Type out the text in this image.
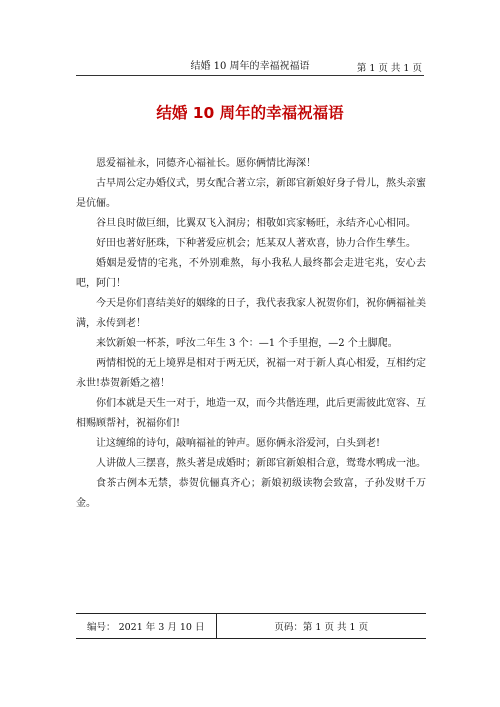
结婚 10 周年的幸福祝福语	第 1 页 共 1 页
结婚 10 周年的幸福祝福语

恩爱福祉永，同德齐心福祉长。愿你俩情比海深！

古早周公定办婚仪式，男女配合著立宗，新郎官新娘好身子骨儿，熬头亲蜜是伉俪。

谷旦良时做巨细，比翼双飞入洞房；相敬如宾家畅旺，永结齐心心相同。

好田也著好胚珠，下种著爱应机会；尪某双人著欢喜，协力合作生孳生。

婚姻是爱情的宅兆，不外别难熬，每小我私人最终都会走进宅兆，安心去吧，阿门！

今天是你们喜结美好的姻缘的日子，我代表我家人祝贺你们，祝你俩福祉美满，永传到老！

来饮新娘一杯茶，呼汝二年生 3 个：—1 个手里抱，—2 个土脚爬。

两情相悦的无上境界是相对于两无厌，祝福一对于新人真心相爱，互相约定永世!恭贺新婚之禧！

你们本就是天生一对于，地造一双，而今共偕连理，此后更需彼此宽容、互相赐顾帮衬，祝福你们!

让这缠绵的诗句，敲响福祉的钟声。愿你俩永浴爱河，白头到老!

人讲做人三摆喜，熬头著是成婚时；新郎官新娘相合意，鸳鸯水鸭成一池。

食茶古例本无禁，恭贺伉俪真齐心；新娘初级读物会致富，子孙发财千万金。

编号： 2021 年 3 月 10 日	页码：第 1 页 共 1 页
